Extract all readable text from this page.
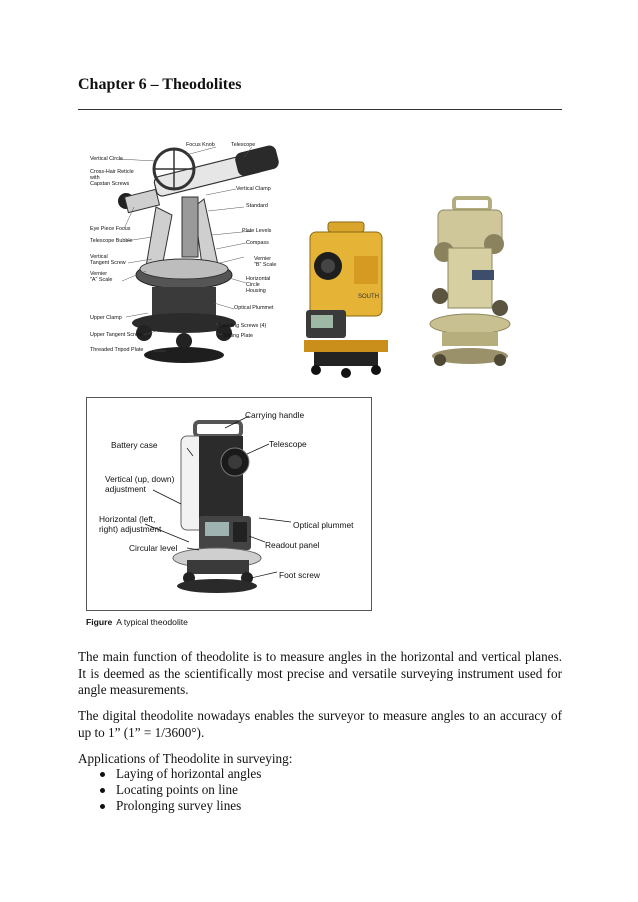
Chapter 6 – Theodolites
Focus Knob	Telescope
Vertical Circle
Cross-Hair Reticle
with
Capstan Screws
Vertical Clamp
Standard
Eye Piece Focus	Plate Levels
Telescope Bubble	Compass
Vertical
Tangent Screw
Vernier
"B" Scale
Vernier
"A" Scale	Horizontal
Circle
Housing
Optical Plummet
Upper Clamp
Leveling Screws (4)
Upper Tangent Screw	Sliding Plate
Threaded Tripod Plate
SOUTH
Carrying handle
Battery case	Telescope
Vertical (up, down)
adjustment
Horizontal (left,
right) adjustment	Optical plummet
Readout panel
Circular level
Foot screw
Figure A typical theodolite
The main function of theodolite is to measure angles in the horizontal and vertical planes. It is deemed as the scientifically most precise and versatile surveying instrument used for angle measurements.
The digital theodolite nowadays enables the surveyor to measure angles to an accuracy of up to 1” (1” = 1/3600°).
Applications of Theodolite in surveying:
Laying of horizontal angles
Locating points on line
Prolonging survey lines
